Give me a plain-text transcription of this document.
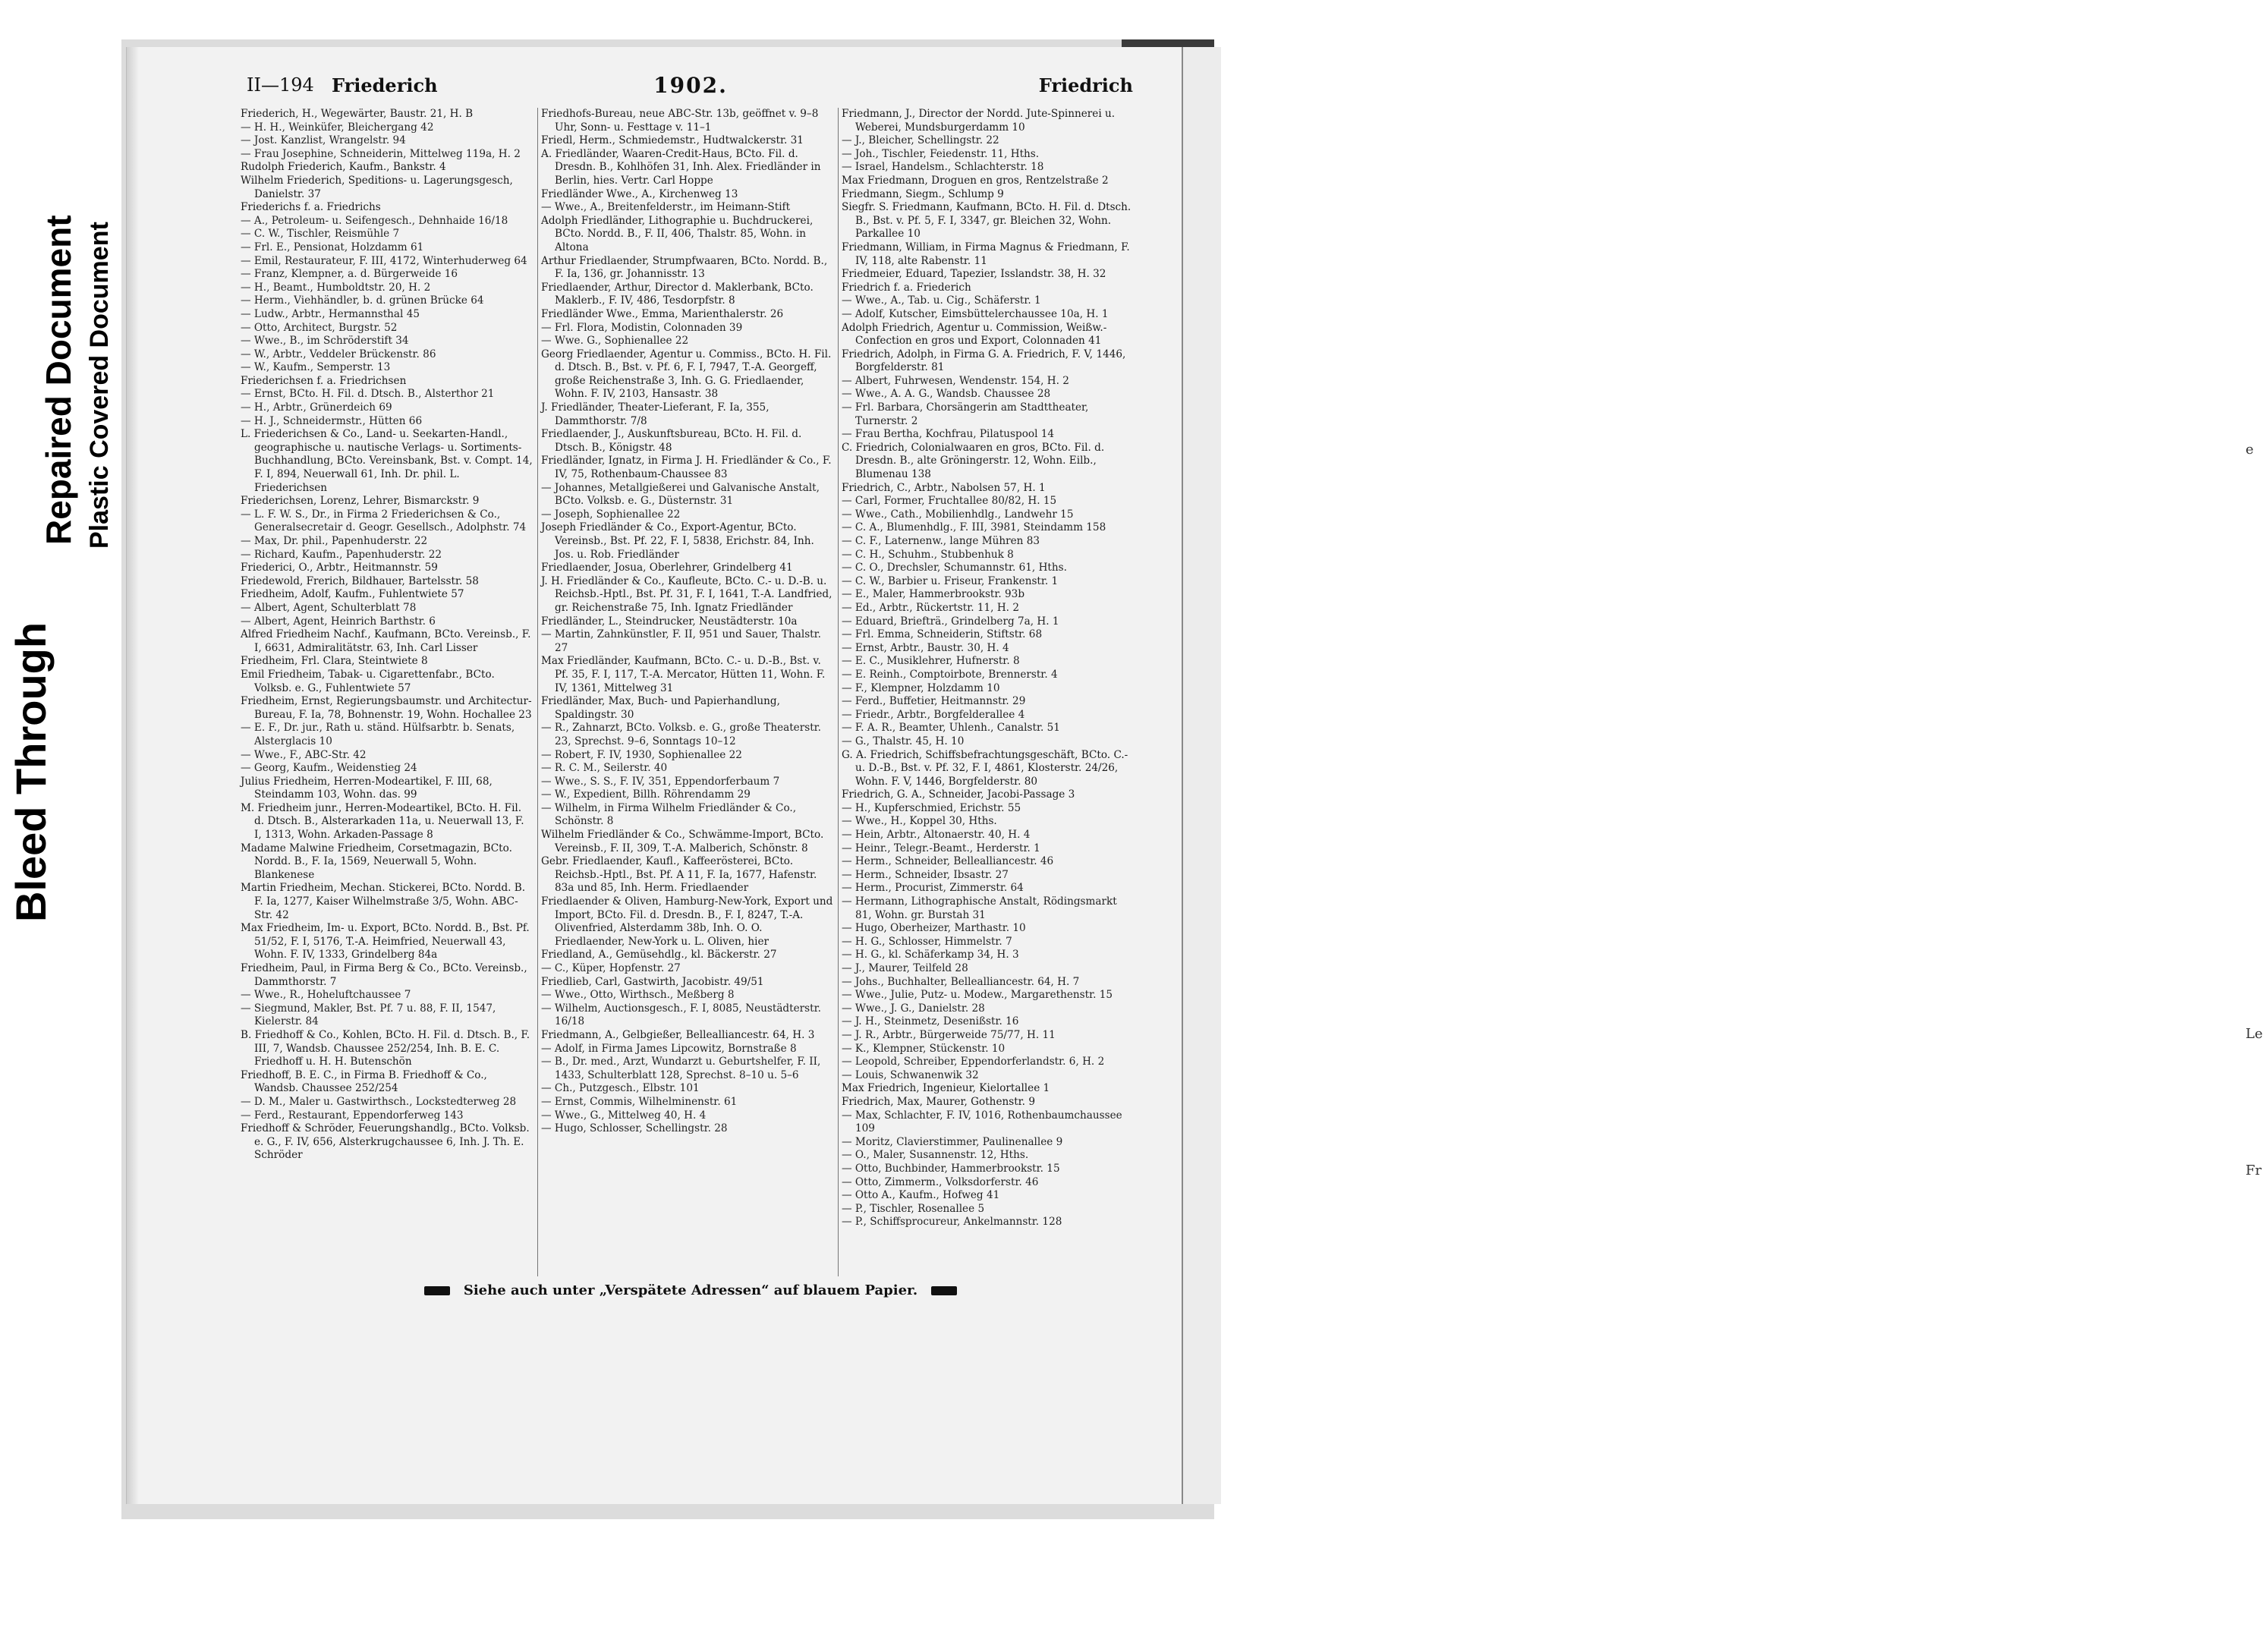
Bleed Through
Repaired Document Plastic Covered Document	e
Le
Fr
II—194 Friederich	1902.	Friedrich
Friederich, H., Wegewärter, Baustr. 21, H. B
— H. H., Weinküfer, Bleichergang 42
— Jost. Kanzlist, Wrangelstr. 94
— Frau Josephine, Schneiderin, Mittelweg 119a, H. 2
Rudolph Friederich, Kaufm., Bankstr. 4
Wilhelm Friederich, Speditions- u. Lagerungsgesch, Danielstr. 37
Friederichs f. a. Friedrichs
— A., Petroleum- u. Seifengesch., Dehnhaide 16/18
— C. W., Tischler, Reismühle 7
— Frl. E., Pensionat, Holzdamm 61
— Emil, Restaurateur, F. III, 4172, Winterhuderweg 64
— Franz, Klempner, a. d. Bürgerweide 16
— H., Beamt., Humboldtstr. 20, H. 2
— Herm., Viehhändler, b. d. grünen Brücke 64
— Ludw., Arbtr., Hermannsthal 45
— Otto, Architect, Burgstr. 52
— Wwe., B., im Schröderstift 34
— W., Arbtr., Veddeler Brückenstr. 86
— W., Kaufm., Semperstr. 13
Friederichsen f. a. Friedrichsen
— Ernst, BCto. H. Fil. d. Dtsch. B., Alsterthor 21
— H., Arbtr., Grünerdeich 69
— H. J., Schneidermstr., Hütten 66
L. Friederichsen & Co., Land- u. Seekarten-Handl., geographische u. nautische Verlags- u. Sortiments-Buchhandlung, BCto. Vereinsbank, Bst. v. Compt. 14, F. I, 894, Neuerwall 61, Inh. Dr. phil. L. Friederichsen
Friederichsen, Lorenz, Lehrer, Bismarckstr. 9
— L. F. W. S., Dr., in Firma 2 Friederichsen & Co., Generalsecretair d. Geogr. Gesellsch., Adolphstr. 74
— Max, Dr. phil., Papenhuderstr. 22
— Richard, Kaufm., Papenhuderstr. 22
Friederici, O., Arbtr., Heitmannstr. 59
Friedewold, Frerich, Bildhauer, Bartelsstr. 58
Friedheim, Adolf, Kaufm., Fuhlentwiete 57
— Albert, Agent, Schulterblatt 78
— Albert, Agent, Heinrich Barthstr. 6
Alfred Friedheim Nachf., Kaufmann, BCto. Vereinsb., F. I, 6631, Admiralitätstr. 63, Inh. Carl Lisser
Friedheim, Frl. Clara, Steintwiete 8
Emil Friedheim, Tabak- u. Cigarettenfabr., BCto. Volksb. e. G., Fuhlentwiete 57
Friedheim, Ernst, Regierungsbaumstr. und Architectur-Bureau, F. Ia, 78, Bohnenstr. 19, Wohn. Hochallee 23
— E. F., Dr. jur., Rath u. ständ. Hülfsarbtr. b. Senats, Alsterglacis 10
— Wwe., F., ABC-Str. 42
— Georg, Kaufm., Weidenstieg 24
Julius Friedheim, Herren-Modeartikel, F. III, 68, Steindamm 103, Wohn. das. 99
M. Friedheim junr., Herren-Modeartikel, BCto. H. Fil. d. Dtsch. B., Alsterarkaden 11a, u. Neuerwall 13, F. I, 1313, Wohn. Arkaden-Passage 8
Madame Malwine Friedheim, Corsetmagazin, BCto. Nordd. B., F. Ia, 1569, Neuerwall 5, Wohn. Blankenese
Martin Friedheim, Mechan. Stickerei, BCto. Nordd. B. F. Ia, 1277, Kaiser Wilhelmstraße 3/5, Wohn. ABC-Str. 42
Max Friedheim, Im- u. Export, BCto. Nordd. B., Bst. Pf. 51/52, F. I, 5176, T.-A. Heimfried, Neuerwall 43, Wohn. F. IV, 1333, Grindelberg 84a
Friedheim, Paul, in Firma Berg & Co., BCto. Vereinsb., Dammthorstr. 7
— Wwe., R., Hoheluftchaussee 7
— Siegmund, Makler, Bst. Pf. 7 u. 88, F. II, 1547, Kielerstr. 84
B. Friedhoff & Co., Kohlen, BCto. H. Fil. d. Dtsch. B., F. III, 7, Wandsb. Chaussee 252/254, Inh. B. E. C. Friedhoff u. H. H. Butenschön
Friedhoff, B. E. C., in Firma B. Friedhoff & Co., Wandsb. Chaussee 252/254
— D. M., Maler u. Gastwirthsch., Lockstedterweg 28
— Ferd., Restaurant, Eppendorferweg 143
Friedhoff & Schröder, Feuerungshandlg., BCto. Volksb. e. G., F. IV, 656, Alsterkrugchaussee 6, Inh. J. Th. E. Schröder
Friedhofs-Bureau, neue ABC-Str. 13b, geöffnet v. 9–8 Uhr, Sonn- u. Festtage v. 11–1
Friedl, Herm., Schmiedemstr., Hudtwalckerstr. 31
A. Friedländer, Waaren-Credit-Haus, BCto. Fil. d. Dresdn. B., Kohlhöfen 31, Inh. Alex. Friedländer in Berlin, hies. Vertr. Carl Hoppe
Friedländer Wwe., A., Kirchenweg 13
— Wwe., A., Breitenfelderstr., im Heimann-Stift
Adolph Friedländer, Lithographie u. Buchdruckerei, BCto. Nordd. B., F. II, 406, Thalstr. 85, Wohn. in Altona
Arthur Friedlaender, Strumpfwaaren, BCto. Nordd. B., F. Ia, 136, gr. Johannisstr. 13
Friedlaender, Arthur, Director d. Maklerbank, BCto. Maklerb., F. IV, 486, Tesdorpfstr. 8
Friedländer Wwe., Emma, Marienthalerstr. 26
— Frl. Flora, Modistin, Colonnaden 39
— Wwe. G., Sophienallee 22
Georg Friedlaender, Agentur u. Commiss., BCto. H. Fil. d. Dtsch. B., Bst. v. Pf. 6, F. I, 7947, T.-A. Georgeff, große Reichenstraße 3, Inh. G. G. Friedlaender, Wohn. F. IV, 2103, Hansastr. 38
J. Friedländer, Theater-Lieferant, F. Ia, 355, Dammthorstr. 7/8
Friedlaender, J., Auskunftsbureau, BCto. H. Fil. d. Dtsch. B., Königstr. 48
Friedländer, Ignatz, in Firma J. H. Friedländer & Co., F. IV, 75, Rothenbaum-Chaussee 83
— Johannes, Metallgießerei und Galvanische Anstalt, BCto. Volksb. e. G., Düsternstr. 31
— Joseph, Sophienallee 22
Joseph Friedländer & Co., Export-Agentur, BCto. Vereinsb., Bst. Pf. 22, F. I, 5838, Erichstr. 84, Inh. Jos. u. Rob. Friedländer
Friedlaender, Josua, Oberlehrer, Grindelberg 41
J. H. Friedländer & Co., Kaufleute, BCto. C.- u. D.-B. u. Reichsb.-Hptl., Bst. Pf. 31, F. I, 1641, T.-A. Landfried, gr. Reichenstraße 75, Inh. Ignatz Friedländer
Friedländer, L., Steindrucker, Neustädterstr. 10a
— Martin, Zahnkünstler, F. II, 951 und Sauer, Thalstr. 27
Max Friedländer, Kaufmann, BCto. C.- u. D.-B., Bst. v. Pf. 35, F. I, 117, T.-A. Mercator, Hütten 11, Wohn. F. IV, 1361, Mittelweg 31
Friedländer, Max, Buch- und Papierhandlung, Spaldingstr. 30
— R., Zahnarzt, BCto. Volksb. e. G., große Theaterstr. 23, Sprechst. 9–6, Sonntags 10–12
— Robert, F. IV, 1930, Sophienallee 22
— R. C. M., Seilerstr. 40
— Wwe., S. S., F. IV, 351, Eppendorferbaum 7
— W., Expedient, Billh. Röhrendamm 29
— Wilhelm, in Firma Wilhelm Friedländer & Co., Schönstr. 8
Wilhelm Friedländer & Co., Schwämme-Import, BCto. Vereinsb., F. II, 309, T.-A. Malberich, Schönstr. 8
Gebr. Friedlaender, Kaufl., Kaffeerösterei, BCto. Reichsb.-Hptl., Bst. Pf. A 11, F. Ia, 1677, Hafenstr. 83a und 85, Inh. Herm. Friedlaender
Friedlaender & Oliven, Hamburg-New-York, Export und Import, BCto. Fil. d. Dresdn. B., F. I, 8247, T.-A. Olivenfried, Alsterdamm 38b, Inh. O. O. Friedlaender, New-York u. L. Oliven, hier
Friedland, A., Gemüsehdlg., kl. Bäckerstr. 27
— C., Küper, Hopfenstr. 27
Friedlieb, Carl, Gastwirth, Jacobistr. 49/51
— Wwe., Otto, Wirthsch., Meßberg 8
— Wilhelm, Auctionsgesch., F. I, 8085, Neustädterstr. 16/18
Friedmann, A., Gelbgießer, Bellealliancestr. 64, H. 3
— Adolf, in Firma James Lipcowitz, Bornstraße 8
— B., Dr. med., Arzt, Wundarzt u. Geburtshelfer, F. II, 1433, Schulterblatt 128, Sprechst. 8–10 u. 5–6
— Ch., Putzgesch., Elbstr. 101
— Ernst, Commis, Wilhelminenstr. 61
— Wwe., G., Mittelweg 40, H. 4
— Hugo, Schlosser, Schellingstr. 28
Friedmann, J., Director der Nordd. Jute-Spinnerei u. Weberei, Mundsburgerdamm 10
— J., Bleicher, Schellingstr. 22
— Joh., Tischler, Feiedenstr. 11, Hths.
— Israel, Handelsm., Schlachterstr. 18
Max Friedmann, Droguen en gros, Rentzelstraße 2
Friedmann, Siegm., Schlump 9
Siegfr. S. Friedmann, Kaufmann, BCto. H. Fil. d. Dtsch. B., Bst. v. Pf. 5, F. I, 3347, gr. Bleichen 32, Wohn. Parkallee 10
Friedmann, William, in Firma Magnus & Friedmann, F. IV, 118, alte Rabenstr. 11
Friedmeier, Eduard, Tapezier, Isslandstr. 38, H. 32
Friedrich f. a. Friederich
— Wwe., A., Tab. u. Cig., Schäferstr. 1
— Adolf, Kutscher, Eimsbüttelerchaussee 10a, H. 1
Adolph Friedrich, Agentur u. Commission, Weißw.-Confection en gros und Export, Colonnaden 41
Friedrich, Adolph, in Firma G. A. Friedrich, F. V, 1446, Borgfelderstr. 81
— Albert, Fuhrwesen, Wendenstr. 154, H. 2
— Wwe., A. A. G., Wandsb. Chaussee 28
— Frl. Barbara, Chorsängerin am Stadttheater, Turnerstr. 2
— Frau Bertha, Kochfrau, Pilatuspool 14
C. Friedrich, Colonialwaaren en gros, BCto. Fil. d. Dresdn. B., alte Gröningerstr. 12, Wohn. Eilb., Blumenau 138
Friedrich, C., Arbtr., Nabolsen 57, H. 1
— Carl, Former, Fruchtallee 80/82, H. 15
— Wwe., Cath., Mobilienhdlg., Landwehr 15
— C. A., Blumenhdlg., F. III, 3981, Steindamm 158
— C. F., Laternenw., lange Mühren 83
— C. H., Schuhm., Stubbenhuk 8
— C. O., Drechsler, Schumannstr. 61, Hths.
— C. W., Barbier u. Friseur, Frankenstr. 1
— E., Maler, Hammerbrookstr. 93b
— Ed., Arbtr., Rückertstr. 11, H. 2
— Eduard, Briefträ., Grindelberg 7a, H. 1
— Frl. Emma, Schneiderin, Stiftstr. 68
— Ernst, Arbtr., Baustr. 30, H. 4
— E. C., Musiklehrer, Hufnerstr. 8
— E. Reinh., Comptoirbote, Brennerstr. 4
— F., Klempner, Holzdamm 10
— Ferd., Buffetier, Heitmannstr. 29
— Friedr., Arbtr., Borgfelderallee 4
— F. A. R., Beamter, Uhlenh., Canalstr. 51
— G., Thalstr. 45, H. 10
G. A. Friedrich, Schiffsbefrachtungsgeschäft, BCto. C.- u. D.-B., Bst. v. Pf. 32, F. I, 4861, Klosterstr. 24/26, Wohn. F. V, 1446, Borgfelderstr. 80
Friedrich, G. A., Schneider, Jacobi-Passage 3
— H., Kupferschmied, Erichstr. 55
— Wwe., H., Koppel 30, Hths.
— Hein, Arbtr., Altonaerstr. 40, H. 4
— Heinr., Telegr.-Beamt., Herderstr. 1
— Herm., Schneider, Bellealliancestr. 46
— Herm., Schneider, Ibsastr. 27
— Herm., Procurist, Zimmerstr. 64
— Hermann, Lithographische Anstalt, Rödingsmarkt 81, Wohn. gr. Burstah 31
— Hugo, Oberheizer, Marthastr. 10
— H. G., Schlosser, Himmelstr. 7
— H. G., kl. Schäferkamp 34, H. 3
— J., Maurer, Teilfeld 28
— Johs., Buchhalter, Bellealliancestr. 64, H. 7
— Wwe., Julie, Putz- u. Modew., Margarethenstr. 15
— Wwe., J. G., Danielstr. 28
— J. H., Steinmetz, Desenißstr. 16
— J. R., Arbtr., Bürgerweide 75/77, H. 11
— K., Klempner, Stückenstr. 10
— Leopold, Schreiber, Eppendorferlandstr. 6, H. 2
— Louis, Schwanenwik 32
Max Friedrich, Ingenieur, Kielortallee 1
Friedrich, Max, Maurer, Gothenstr. 9
— Max, Schlachter, F. IV, 1016, Rothenbaumchaussee 109
— Moritz, Clavierstimmer, Paulinenallee 9
— O., Maler, Susannenstr. 12, Hths.
— Otto, Buchbinder, Hammerbrookstr. 15
— Otto, Zimmerm., Volksdorferstr. 46
— Otto A., Kaufm., Hofweg 41
— P., Tischler, Rosenallee 5
— P., Schiffsprocureur, Ankelmannstr. 128
Siehe auch unter „Verspätete Adressen“ auf blauem Papier.
